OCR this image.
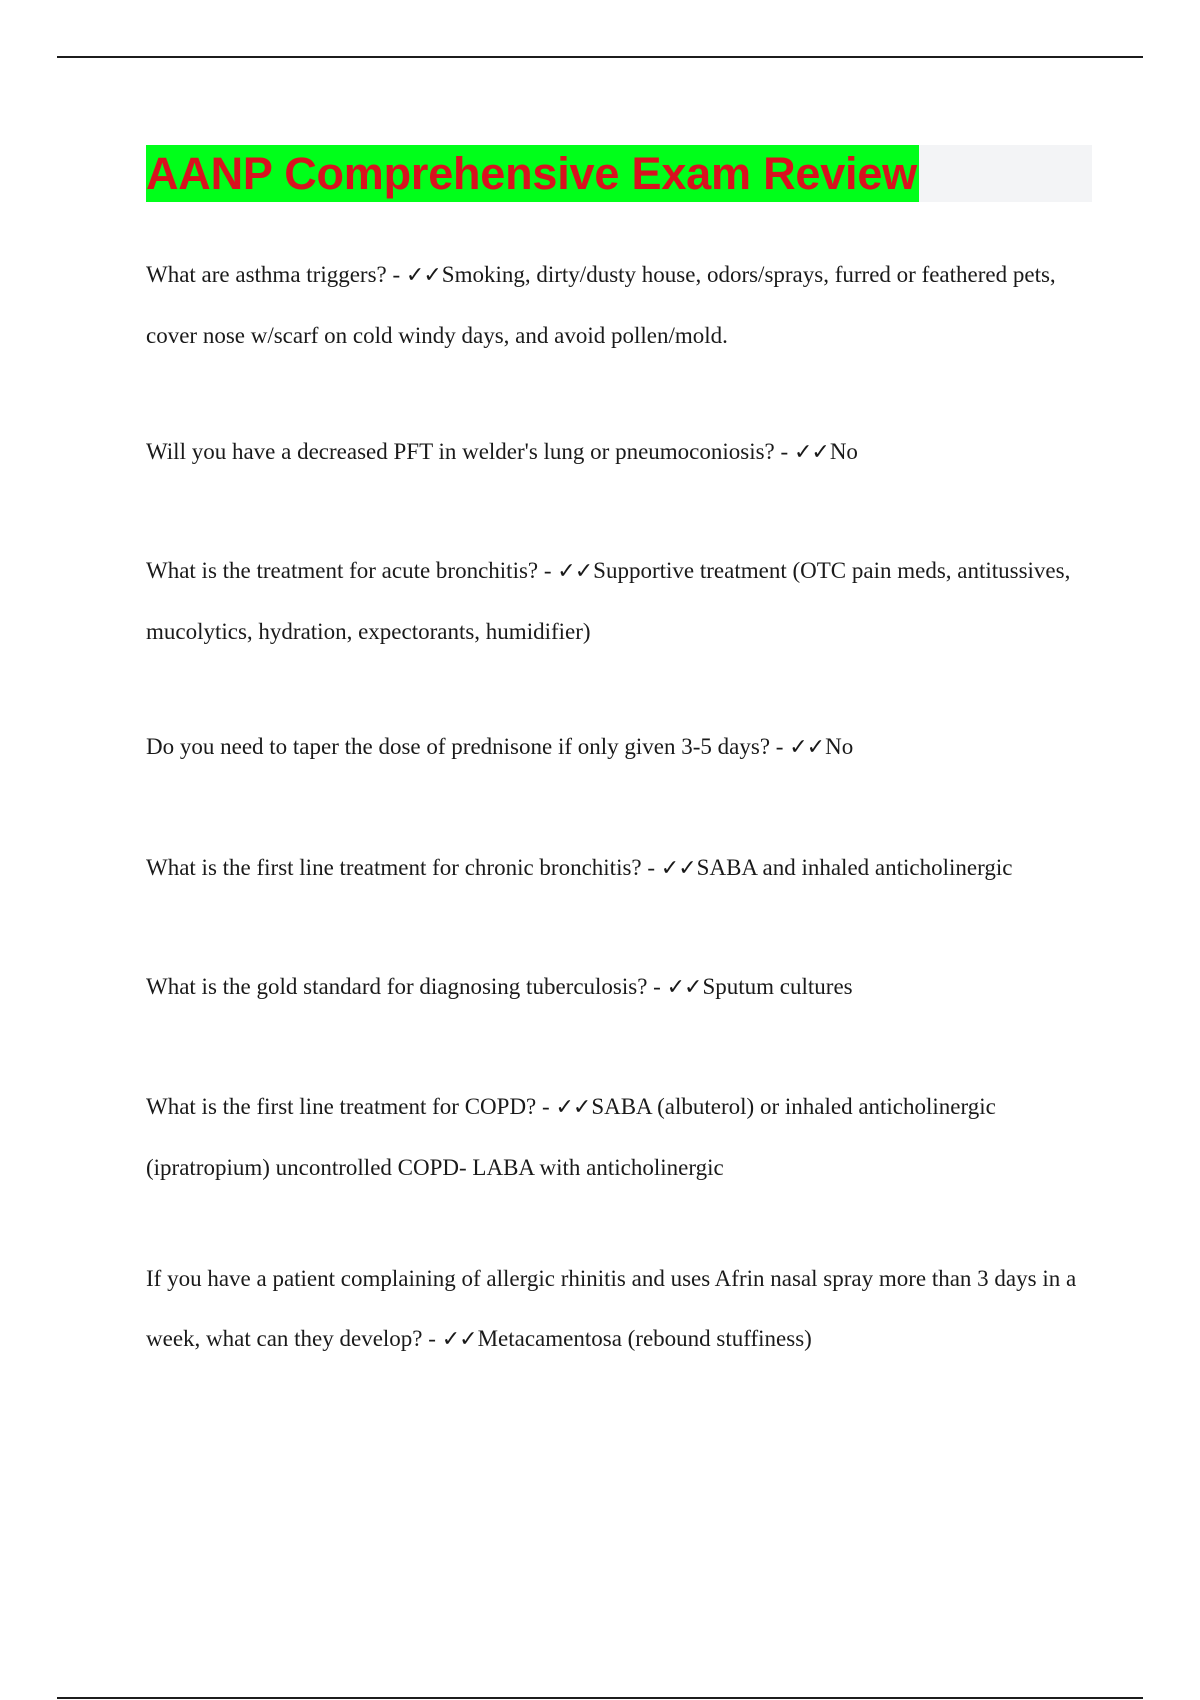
AANP Comprehensive Exam Review

What are asthma triggers? - ✓✓Smoking, dirty/dusty house, odors/sprays, furred or feathered pets, cover nose w/scarf on cold windy days, and avoid pollen/mold.

Will you have a decreased PFT in welder's lung or pneumoconiosis? - ✓✓No

What is the treatment for acute bronchitis? - ✓✓Supportive treatment (OTC pain meds, antitussives, mucolytics, hydration, expectorants, humidifier)

Do you need to taper the dose of prednisone if only given 3-5 days? - ✓✓No

What is the first line treatment for chronic bronchitis? - ✓✓SABA and inhaled anticholinergic

What is the gold standard for diagnosing tuberculosis? - ✓✓Sputum cultures

What is the first line treatment for COPD? - ✓✓SABA (albuterol) or inhaled anticholinergic (ipratropium) uncontrolled COPD- LABA with anticholinergic

If you have a patient complaining of allergic rhinitis and uses Afrin nasal spray more than 3 days in a week, what can they develop? - ✓✓Metacamentosa (rebound stuffiness)
